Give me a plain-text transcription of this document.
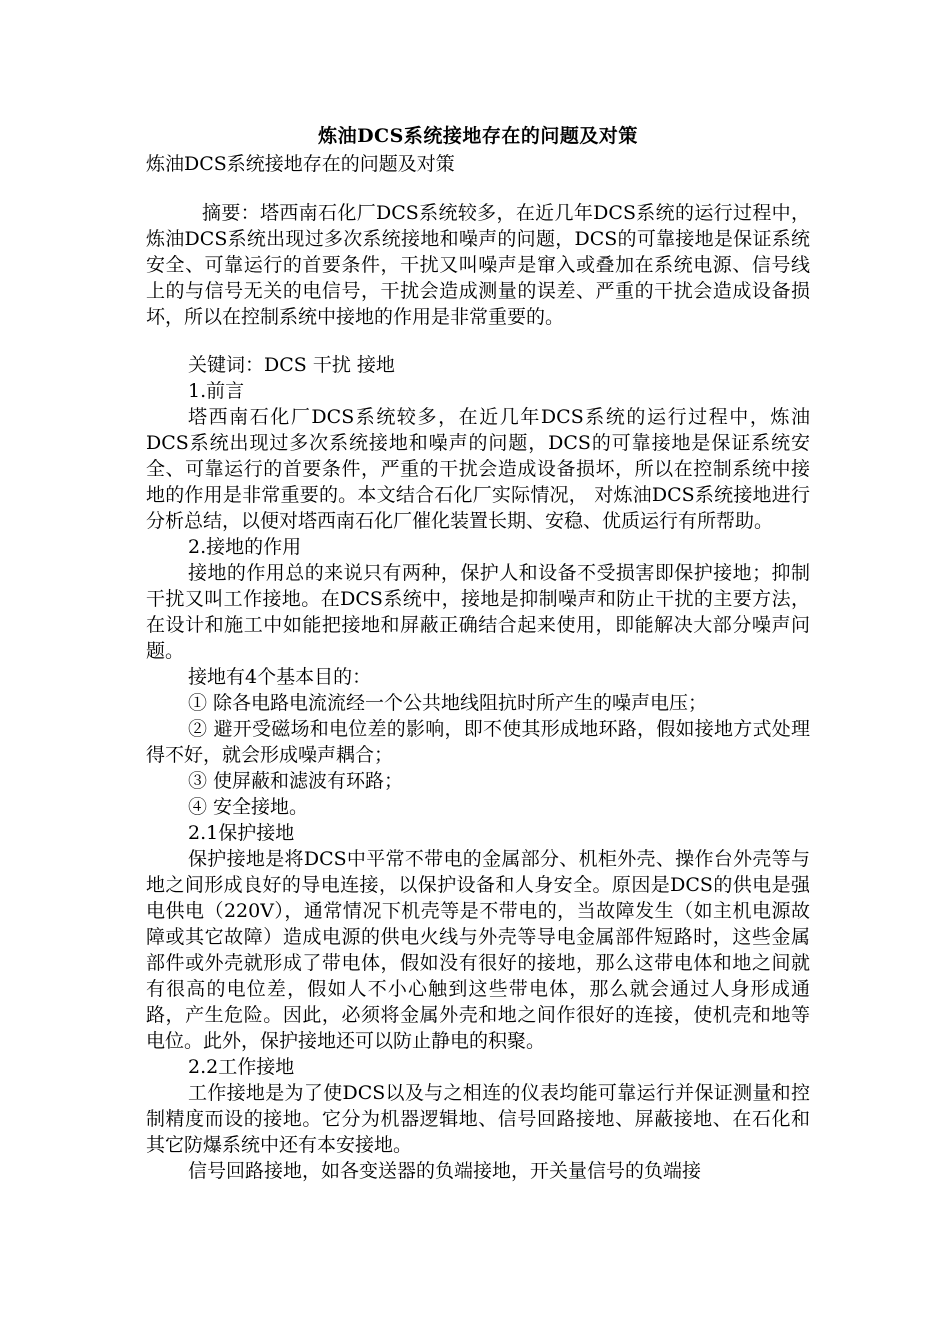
炼油DCS系统接地存在的问题及对策

炼油DCS系统接地存在的问题及对策

摘要：塔西南石化厂DCS系统较多，在近几年DCS系统的运行过程中，炼油DCS系统出现过多次系统接地和噪声的问题，DCS的可靠接地是保证系统安全、可靠运行的首要条件，干扰又叫噪声是窜入或叠加在系统电源、信号线上的与信号无关的电信号，干扰会造成测量的误差、严重的干扰会造成设备损坏，所以在控制系统中接地的作用是非常重要的。

关键词：DCS 干扰 接地

1.前言

塔西南石化厂DCS系统较多，在近几年DCS系统的运行过程中，炼油DCS系统出现过多次系统接地和噪声的问题，DCS的可靠接地是保证系统安全、可靠运行的首要条件，严重的干扰会造成设备损坏，所以在控制系统中接地的作用是非常重要的。本文结合石化厂实际情况， 对炼油DCS系统接地进行分析总结，以便对塔西南石化厂催化装置长期、安稳、优质运行有所帮助。

2.接地的作用

接地的作用总的来说只有两种，保护人和设备不受损害即保护接地；抑制干扰又叫工作接地。在DCS系统中，接地是抑制噪声和防止干扰的主要方法，在设计和施工中如能把接地和屏蔽正确结合起来使用，即能解决大部分噪声问题。

接地有4个基本目的：

① 除各电路电流流经一个公共地线阻抗时所产生的噪声电压；

② 避开受磁场和电位差的影响，即不使其形成地环路，假如接地方式处理得不好，就会形成噪声耦合；

③ 使屏蔽和滤波有环路；

④ 安全接地。

2.1保护接地

保护接地是将DCS中平常不带电的金属部分、机柜外壳、操作台外壳等与地之间形成良好的导电连接，以保护设备和人身安全。原因是DCS的供电是强电供电（220V），通常情况下机壳等是不带电的，当故障发生（如主机电源故障或其它故障）造成电源的供电火线与外壳等导电金属部件短路时，这些金属部件或外壳就形成了带电体，假如没有很好的接地，那么这带电体和地之间就有很高的电位差，假如人不小心触到这些带电体，那么就会通过人身形成通路，产生危险。因此，必须将金属外壳和地之间作很好的连接，使机壳和地等电位。此外，保护接地还可以防止静电的积聚。

2.2工作接地

工作接地是为了使DCS以及与之相连的仪表均能可靠运行并保证测量和控制精度而设的接地。它分为机器逻辑地、信号回路接地、屏蔽接地、在石化和其它防爆系统中还有本安接地。

信号回路接地，如各变送器的负端接地，开关量信号的负端接
